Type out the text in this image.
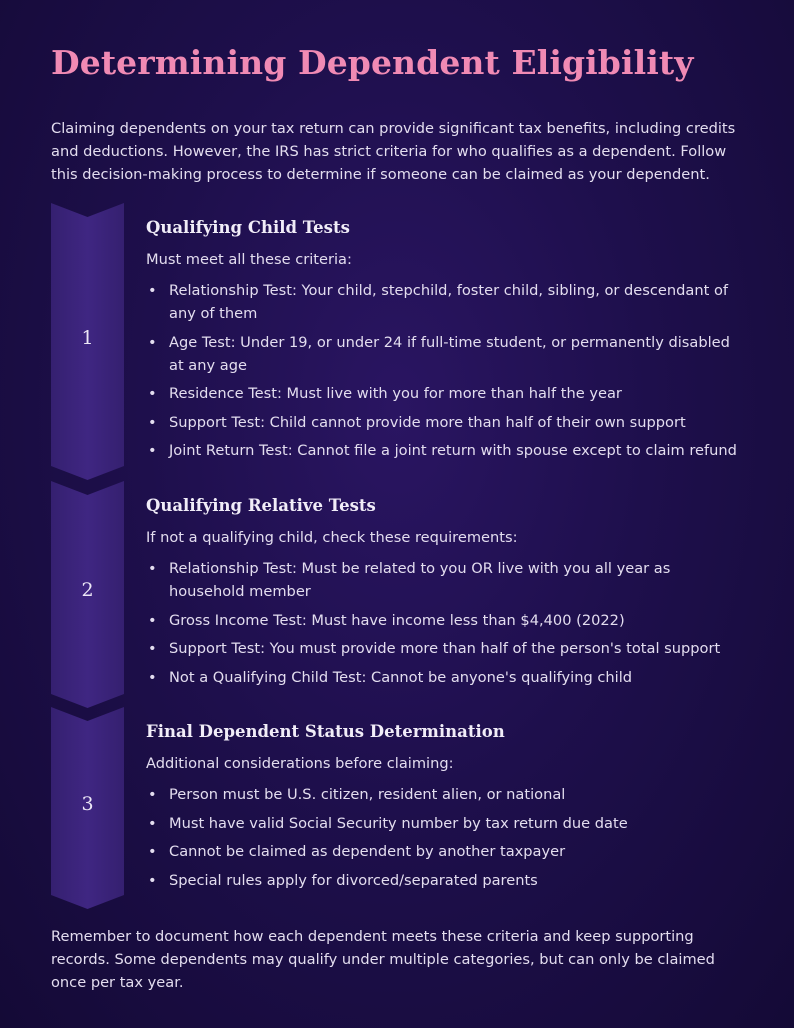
Determining Dependent Eligibility

Claiming dependents on your tax return can provide significant tax benefits, including credits and deductions. However, the IRS has strict criteria for who qualifies as a dependent. Follow this decision-making process to determine if someone can be claimed as your dependent.

1
Qualifying Child Tests

Must meet all these criteria:

• Relationship Test: Your child, stepchild, foster child, sibling, or descendant of any of them
• Age Test: Under 19, or under 24 if full-time student, or permanently disabled at any age
• Residence Test: Must live with you for more than half the year
• Support Test: Child cannot provide more than half of their own support
• Joint Return Test: Cannot file a joint return with spouse except to claim refund
2
Qualifying Relative Tests

If not a qualifying child, check these requirements:

• Relationship Test: Must be related to you OR live with you all year as household member
• Gross Income Test: Must have income less than $4,400 (2022)
• Support Test: You must provide more than half of the person's total support
• Not a Qualifying Child Test: Cannot be anyone's qualifying child
3
Final Dependent Status Determination

Additional considerations before claiming:

• Person must be U.S. citizen, resident alien, or national
• Must have valid Social Security number by tax return due date
• Cannot be claimed as dependent by another taxpayer
• Special rules apply for divorced/separated parents

Remember to document how each dependent meets these criteria and keep supporting records. Some dependents may qualify under multiple categories, but can only be claimed once per tax year.
